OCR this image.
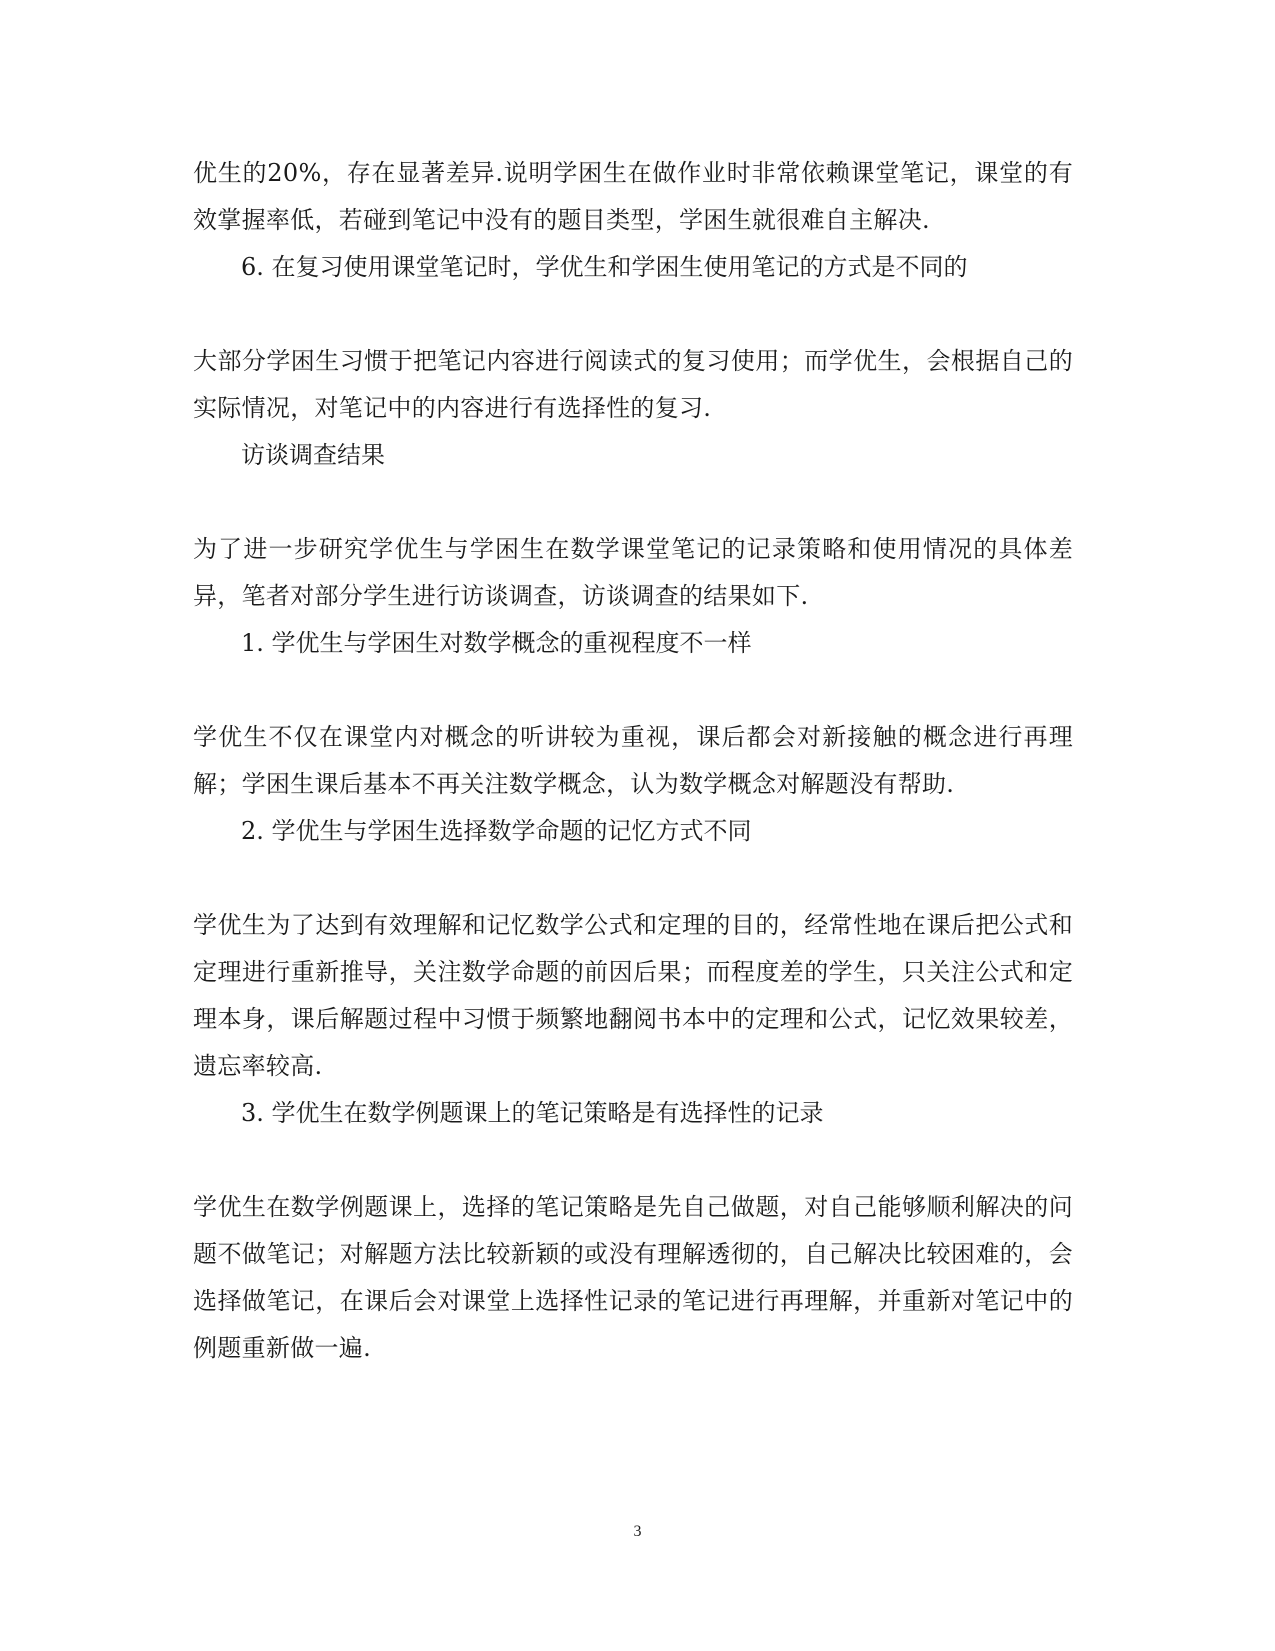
优生的20%，存在显著差异.说明学困生在做作业时非常依赖课堂笔记，课堂的有效掌握率低，若碰到笔记中没有的题目类型，学困生就很难自主解决.

6. 在复习使用课堂笔记时，学优生和学困生使用笔记的方式是不同的

大部分学困生习惯于把笔记内容进行阅读式的复习使用；而学优生，会根据自己的实际情况，对笔记中的内容进行有选择性的复习.

访谈调查结果

为了进一步研究学优生与学困生在数学课堂笔记的记录策略和使用情况的具体差异，笔者对部分学生进行访谈调查，访谈调查的结果如下.

1. 学优生与学困生对数学概念的重视程度不一样

学优生不仅在课堂内对概念的听讲较为重视，课后都会对新接触的概念进行再理解；学困生课后基本不再关注数学概念，认为数学概念对解题没有帮助.

2. 学优生与学困生选择数学命题的记忆方式不同

学优生为了达到有效理解和记忆数学公式和定理的目的，经常性地在课后把公式和定理进行重新推导，关注数学命题的前因后果；而程度差的学生，只关注公式和定理本身，课后解题过程中习惯于频繁地翻阅书本中的定理和公式，记忆效果较差，遗忘率较高.

3. 学优生在数学例题课上的笔记策略是有选择性的记录

学优生在数学例题课上，选择的笔记策略是先自己做题，对自己能够顺利解决的问题不做笔记；对解题方法比较新颖的或没有理解透彻的，自己解决比较困难的，会选择做笔记，在课后会对课堂上选择性记录的笔记进行再理解，并重新对笔记中的例题重新做一遍.

3
